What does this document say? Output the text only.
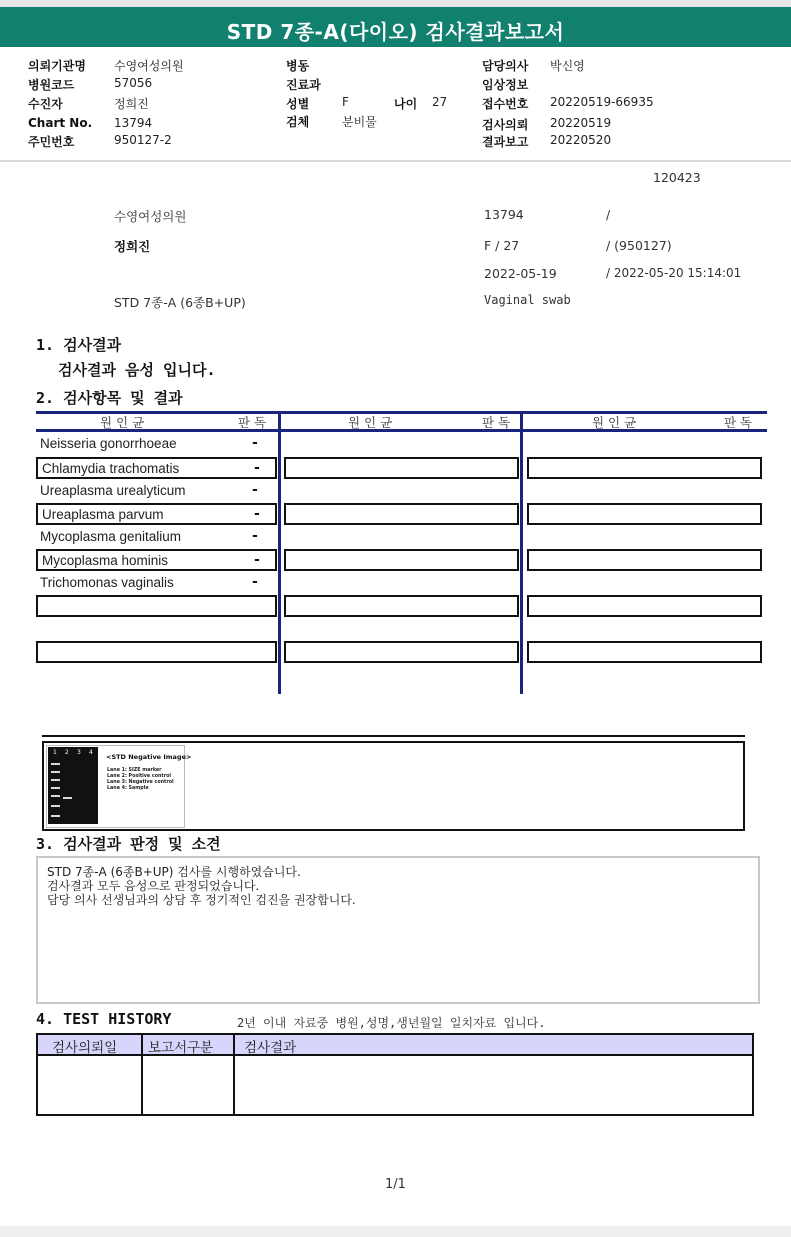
STD 7종-A(다이오) 검사결과보고서
의뢰기관명 수영여성의원
병원코드	57056
수진자	정희진
Chart No. 13794
주민번호	950127-2
병동
진료과
성별	F	나이 27
검체	분비물
담당의사 박신영
임상정보
접수번호 20220519-66935
검사의뢰 20220519
결과보고 20220520
120423
수영여성의원	13794	/
정희진	F / 27	/ (950127)
2022-05-19	/ 2022-05-20 15:14:01
STD 7종-A (6종B+UP)	Vaginal swab
1. 검사결과
검사결과 음성 입니다.
2. 검사항목 및 결과
원 인 균	판 독	원 인 균	판 독	원 인 균	판 독
Neisseria gonorrhoeae	-
Chlamydia trachomatis	-
Ureaplasma urealyticum	-
Ureaplasma parvum	-
Mycoplasma genitalium	-
Mycoplasma hominis	-
Trichomonas vaginalis	-
1 2 3 4
<STD Negative Image>
Lane 1: SIZE marker
Lane 2: Positive control
Lane 3: Negative control
Lane 4: Sample
3. 검사결과 판정 및 소견
STD 7종-A (6종B+UP) 검사를 시행하였습니다.
검사결과 모두 음성으로 판정되었습니다.
담당 의사 선생님과의 상담 후 정기적인 검진을 권장합니다.
4. TEST HISTORY	2년 이내 자료중 병원,성명,생년월일 일치자료 입니다.
검사의뢰일 보고서구분 검사결과
1/1
